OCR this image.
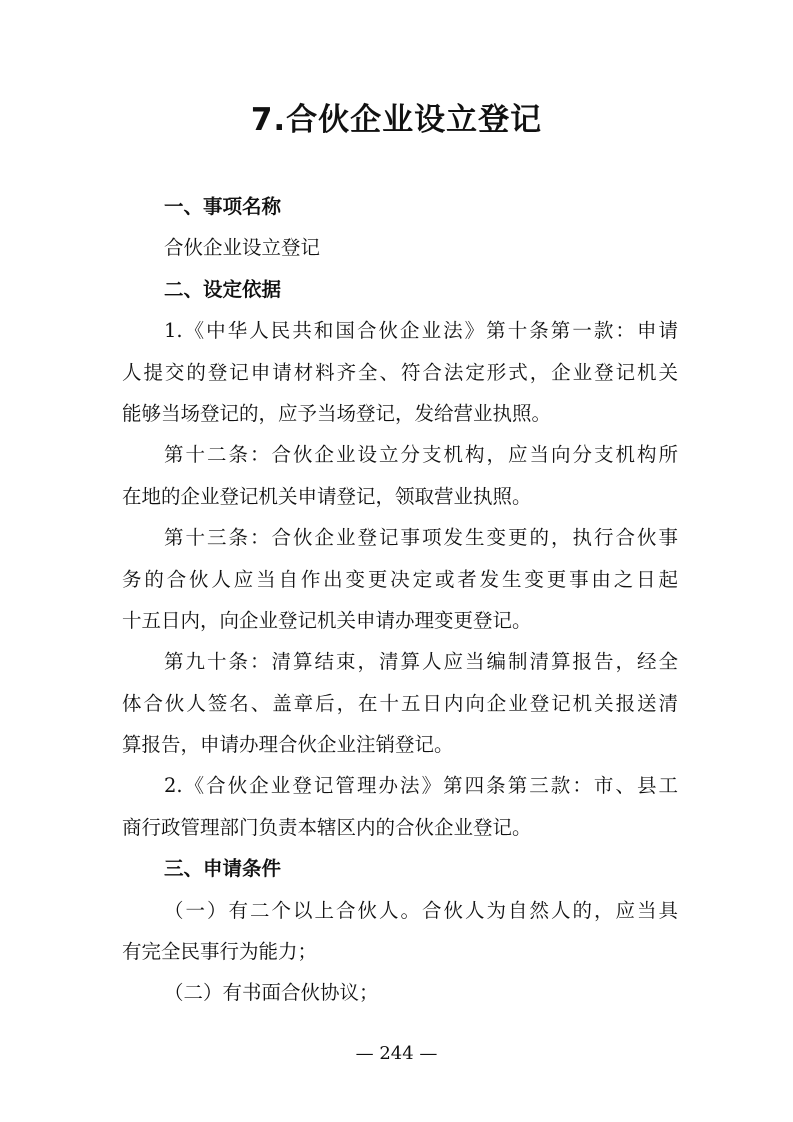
7.合伙企业设立登记
一、事项名称
合伙企业设立登记
二、设定依据
1.《中华人民共和国合伙企业法》第十条第一款：申请
人提交的登记申请材料齐全、符合法定形式，企业登记机关
能够当场登记的，应予当场登记，发给营业执照。
第十二条：合伙企业设立分支机构，应当向分支机构所
在地的企业登记机关申请登记，领取营业执照。
第十三条：合伙企业登记事项发生变更的，执行合伙事
务的合伙人应当自作出变更决定或者发生变更事由之日起
十五日内，向企业登记机关申请办理变更登记。
第九十条：清算结束，清算人应当编制清算报告，经全
体合伙人签名、盖章后，在十五日内向企业登记机关报送清
算报告，申请办理合伙企业注销登记。
2.《合伙企业登记管理办法》第四条第三款：市、县工
商行政管理部门负责本辖区内的合伙企业登记。
三、申请条件
（一）有二个以上合伙人。合伙人为自然人的，应当具
有完全民事行为能力；
（二）有书面合伙协议；
— 244 —
